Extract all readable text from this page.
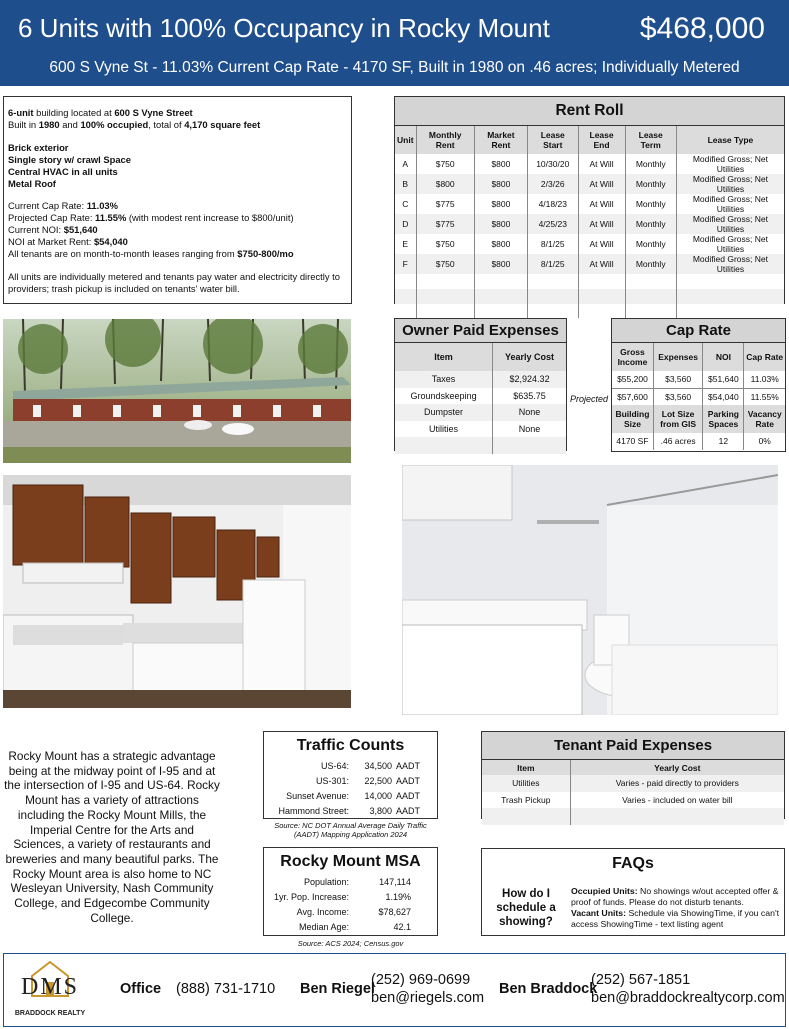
6 Units with 100% Occupancy in Rocky Mount	$468,000
600 S Vyne St - 11.03% Current Cap Rate - 4170 SF, Built in 1980 on .46 acres; Individually Metered

6-unit building located at 600 S Vyne Street

Built in 1980 and 100% occupied, total of 4,170 square feet

Brick exterior

Single story w/ crawl Space

Central HVAC in all units

Metal Roof

Current Cap Rate: 11.03%

Projected Cap Rate: 11.55% (with modest rent increase to $800/unit)

Current NOI: $51,640

NOI at Market Rent: $54,040

All tenants are on month-to-month leases ranging from $750-800/mo

All units are individually metered and tenants pay water and electricity directly to providers; trash pickup is included on tenants' water bill.

Rent Roll
Unit	Monthly Rent	Market Rent	Lease Start	Lease End	Lease Term	Lease Type
A	$750	$800	10/30/20	At Will	Monthly	Modified Gross; Net Utilities
B	$800	$800	2/3/26	At Will	Monthly	Modified Gross; Net Utilities
C	$775	$800	4/18/23	At Will	Monthly	Modified Gross; Net Utilities
D	$775	$800	4/25/23	At Will	Monthly	Modified Gross; Net Utilities
E	$750	$800	8/1/25	At Will	Monthly	Modified Gross; Net Utilities
F	$750	$800	8/1/25	At Will	Monthly	Modified Gross; Net Utilities

Owner Paid Expenses
Item	Yearly Cost
Taxes	$2,924.32
Groundskeeping	$635.75
Dumpster	None
Utilities	None

Projected
Cap Rate
Gross Income	Expenses	NOI	Cap Rate
$55,200	$3,560	$51,640	11.03%
$57,600	$3,560	$54,040	11.55%
Building Size	Lot Size from GIS	Parking Spaces	Vacancy Rate
4170 SF	.46 acres	12	0%
Rocky Mount has a strategic advantage being at the midway point of I-95 and at the intersection of I-95 and US-64. Rocky Mount has a variety of attractions including the Rocky Mount Mills, the Imperial Centre for the Arts and Sciences, a variety of restaurants and breweries and many beautiful parks. The Rocky Mount area is also home to NC Wesleyan University, Nash Community College, and Edgecombe Community College.
Traffic Counts
US-64: 34,500 AADT
US-301: 22,500 AADT
Sunset Avenue: 14,000 AADT
Hammond Street: 3,800 AADT
Source: NC DOT Annual Average Daily Traffic (AADT) Mapping Application 2024
Rocky Mount MSA
Population:	147,114
1yr. Pop. Increase:	1.19%
Avg. Income:	$78,627
Median Age:	42.1
Source: ACS 2024; Census.gov
Tenant Paid Expenses
Item	Yearly Cost
Utilities	Varies - paid directly to providers
Trash Pickup	Varies - included on water bill

FAQs
How do I schedule a showing?
Occupied Units: No showings w/out accepted offer & proof of funds. Please do not disturb tenants.
Vacant Units: Schedule via ShowingTime, if you can't access ShowingTime - text listing agent
DMS
BRADDOCK REALTY
Office (888) 731-1710 Ben Riegel
(252) 969-0699
ben@riegels.com
Ben Braddock
(252) 567-1851
ben@braddockrealtycorp.com
